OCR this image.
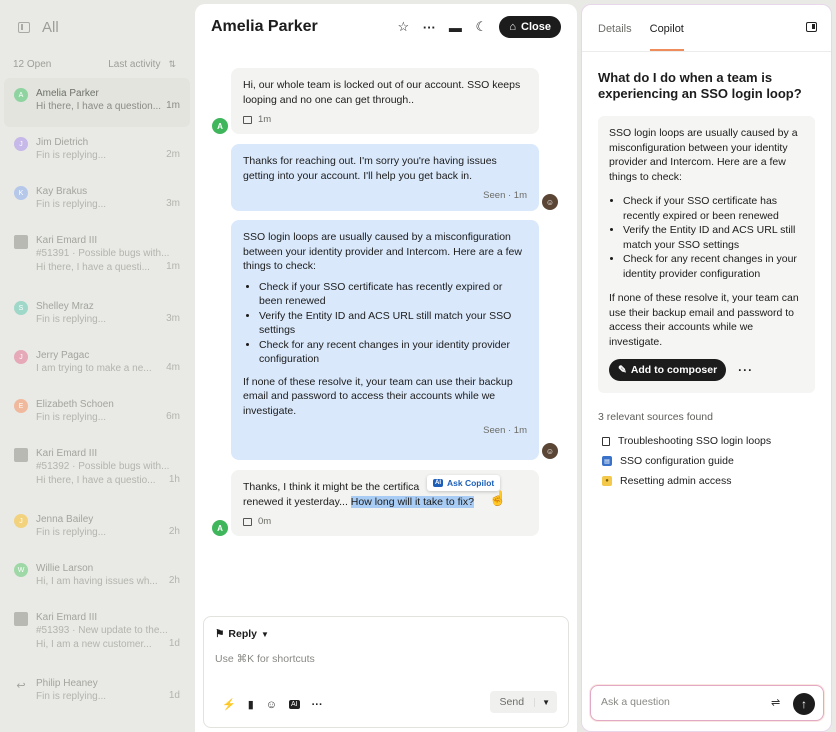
All
12 Open	Last activity ⇅
A	Amelia Parker
Hi there, I have a question... 1m
J	Jim Dietrich
Fin is replying...	2m
K	Kay Brakus
Fin is replying...	3m
Kari Emard III
#51391 · Possible bugs with...
Hi there, I have a questi... 1m
S	Shelley Mraz
Fin is replying...	3m
J	Jerry Pagac
I am trying to make a ne... 4m
E	Elizabeth Schoen
Fin is replying...	6m
Kari Emard III
#51392 · Possible bugs with...
Hi there, I have a questio... 1h
J	Jenna Bailey
Fin is replying...	2h
W	Willie Larson
Hi, I am having issues wh... 2h
Kari Emard III
#51393 · New update to the...
Hi, I am a new customer... 1d
↩ Philip Heaney
Fin is replying...	1d
Amelia Parker	☆ ··· ▬ ☾ ⌂ Close
Hi, our whole team is locked out of our account. SSO keeps looping and no one can get through..
1m
A
Thanks for reaching out. I'm sorry you're having issues getting into your account. I'll help you get back in.
Seen · 1m
☺
SSO login loops are usually caused by a misconfiguration between your identity provider and Intercom. Here are a few things to check:
• Check if your SSO certificate has recently expired or been renewed
• Verify the Entity ID and ACS URL still match your SSO settings
• Check for any recent changes in your identity provider configuration
If none of these resolve it, your team can use their backup email and password to access their accounts while we investigate.
Seen · 1m
☺
Thanks, I think it might be the certifica
renewed it yesterday... How long will it take to fix?
0m
A
AI Ask Copilot
☝
⚑ Reply ▼
Use ⌘K for shortcuts
⚡ ▮ ☺ AI ···	Send	▼
Details Copilot
What do I do when a team is experiencing an SSO login loop?
SSO login loops are usually caused by a misconfiguration between your identity provider and Intercom. Here are a few things to check:
• Check if your SSO certificate has recently expired or been renewed
• Verify the Entity ID and ACS URL still match your SSO settings
• Check for any recent changes in your identity provider configuration
If none of these resolve it, your team can use their backup email and password to access their accounts while we investigate.
✎ Add to composer ···
3 relevant sources found
Troubleshooting SSO login loops
▤ SSO configuration guide
●	Resetting admin access
Ask a question
⇌	↑
